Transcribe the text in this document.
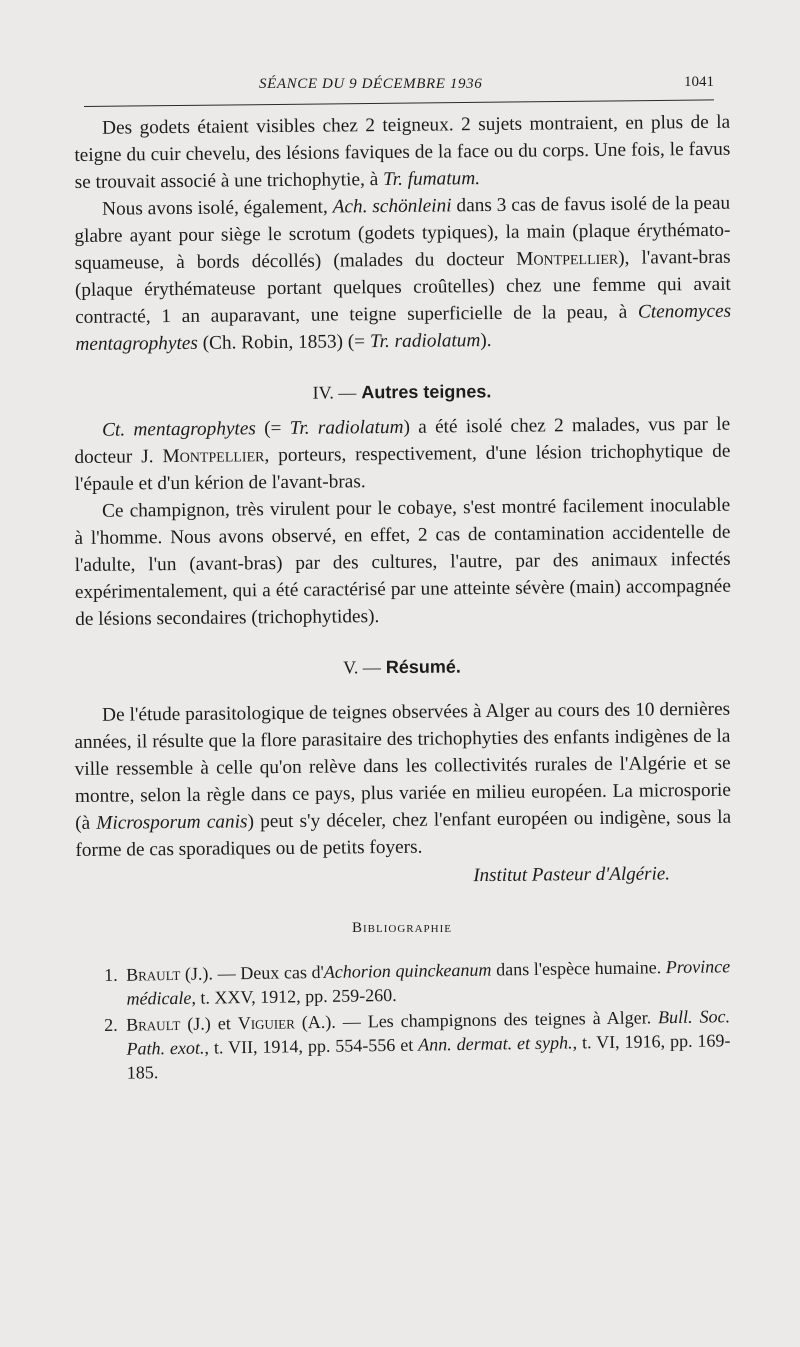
SÉANCE DU 9 DÉCEMBRE 1936	1041

Des godets étaient visibles chez 2 teigneux. 2 sujets montraient, en plus de la teigne du cuir chevelu, des lésions faviques de la face ou du corps. Une fois, le favus se trouvait associé à une trichophytie, à Tr. fumatum.

Nous avons isolé, également, Ach. schönleini dans 3 cas de favus isolé de la peau glabre ayant pour siège le scrotum (godets typiques), la main (plaque érythémato-squameuse, à bords décollés) (malades du docteur Montpellier), l'avant-bras (plaque érythémateuse portant quelques croûtelles) chez une femme qui avait contracté, 1 an auparavant, une teigne superficielle de la peau, à Ctenomyces mentagrophytes (Ch. Robin, 1853) (= Tr. radiolatum).

IV. — Autres teignes.

Ct. mentagrophytes (= Tr. radiolatum) a été isolé chez 2 malades, vus par le docteur J. Montpellier, porteurs, respectivement, d'une lésion trichophytique de l'épaule et d'un kérion de l'avant-bras.

Ce champignon, très virulent pour le cobaye, s'est montré facilement inoculable à l'homme. Nous avons observé, en effet, 2 cas de contamination accidentelle de l'adulte, l'un (avant-bras) par des cultures, l'autre, par des animaux infectés expérimentalement, qui a été caractérisé par une atteinte sévère (main) accompagnée de lésions secondaires (trichophytides).

V. — Résumé.

De l'étude parasitologique de teignes observées à Alger au cours des 10 dernières années, il résulte que la flore parasitaire des trichophyties des enfants indigènes de la ville ressemble à celle qu'on relève dans les collectivités rurales de l'Algérie et se montre, selon la règle dans ce pays, plus variée en milieu européen. La microsporie (à Microsporum canis) peut s'y déceler, chez l'enfant européen ou indigène, sous la forme de cas sporadiques ou de petits foyers.

Institut Pasteur d'Algérie.
Bibliographie
1. Brault (J.). — Deux cas d'Achorion quinckeanum dans l'espèce humaine. Province médicale, t. XXV, 1912, pp. 259-260.
2. Brault (J.) et Viguier (A.). — Les champignons des teignes à Alger. Bull. Soc. Path. exot., t. VII, 1914, pp. 554-556 et Ann. dermat. et syph., t. VI, 1916, pp. 169-185.
